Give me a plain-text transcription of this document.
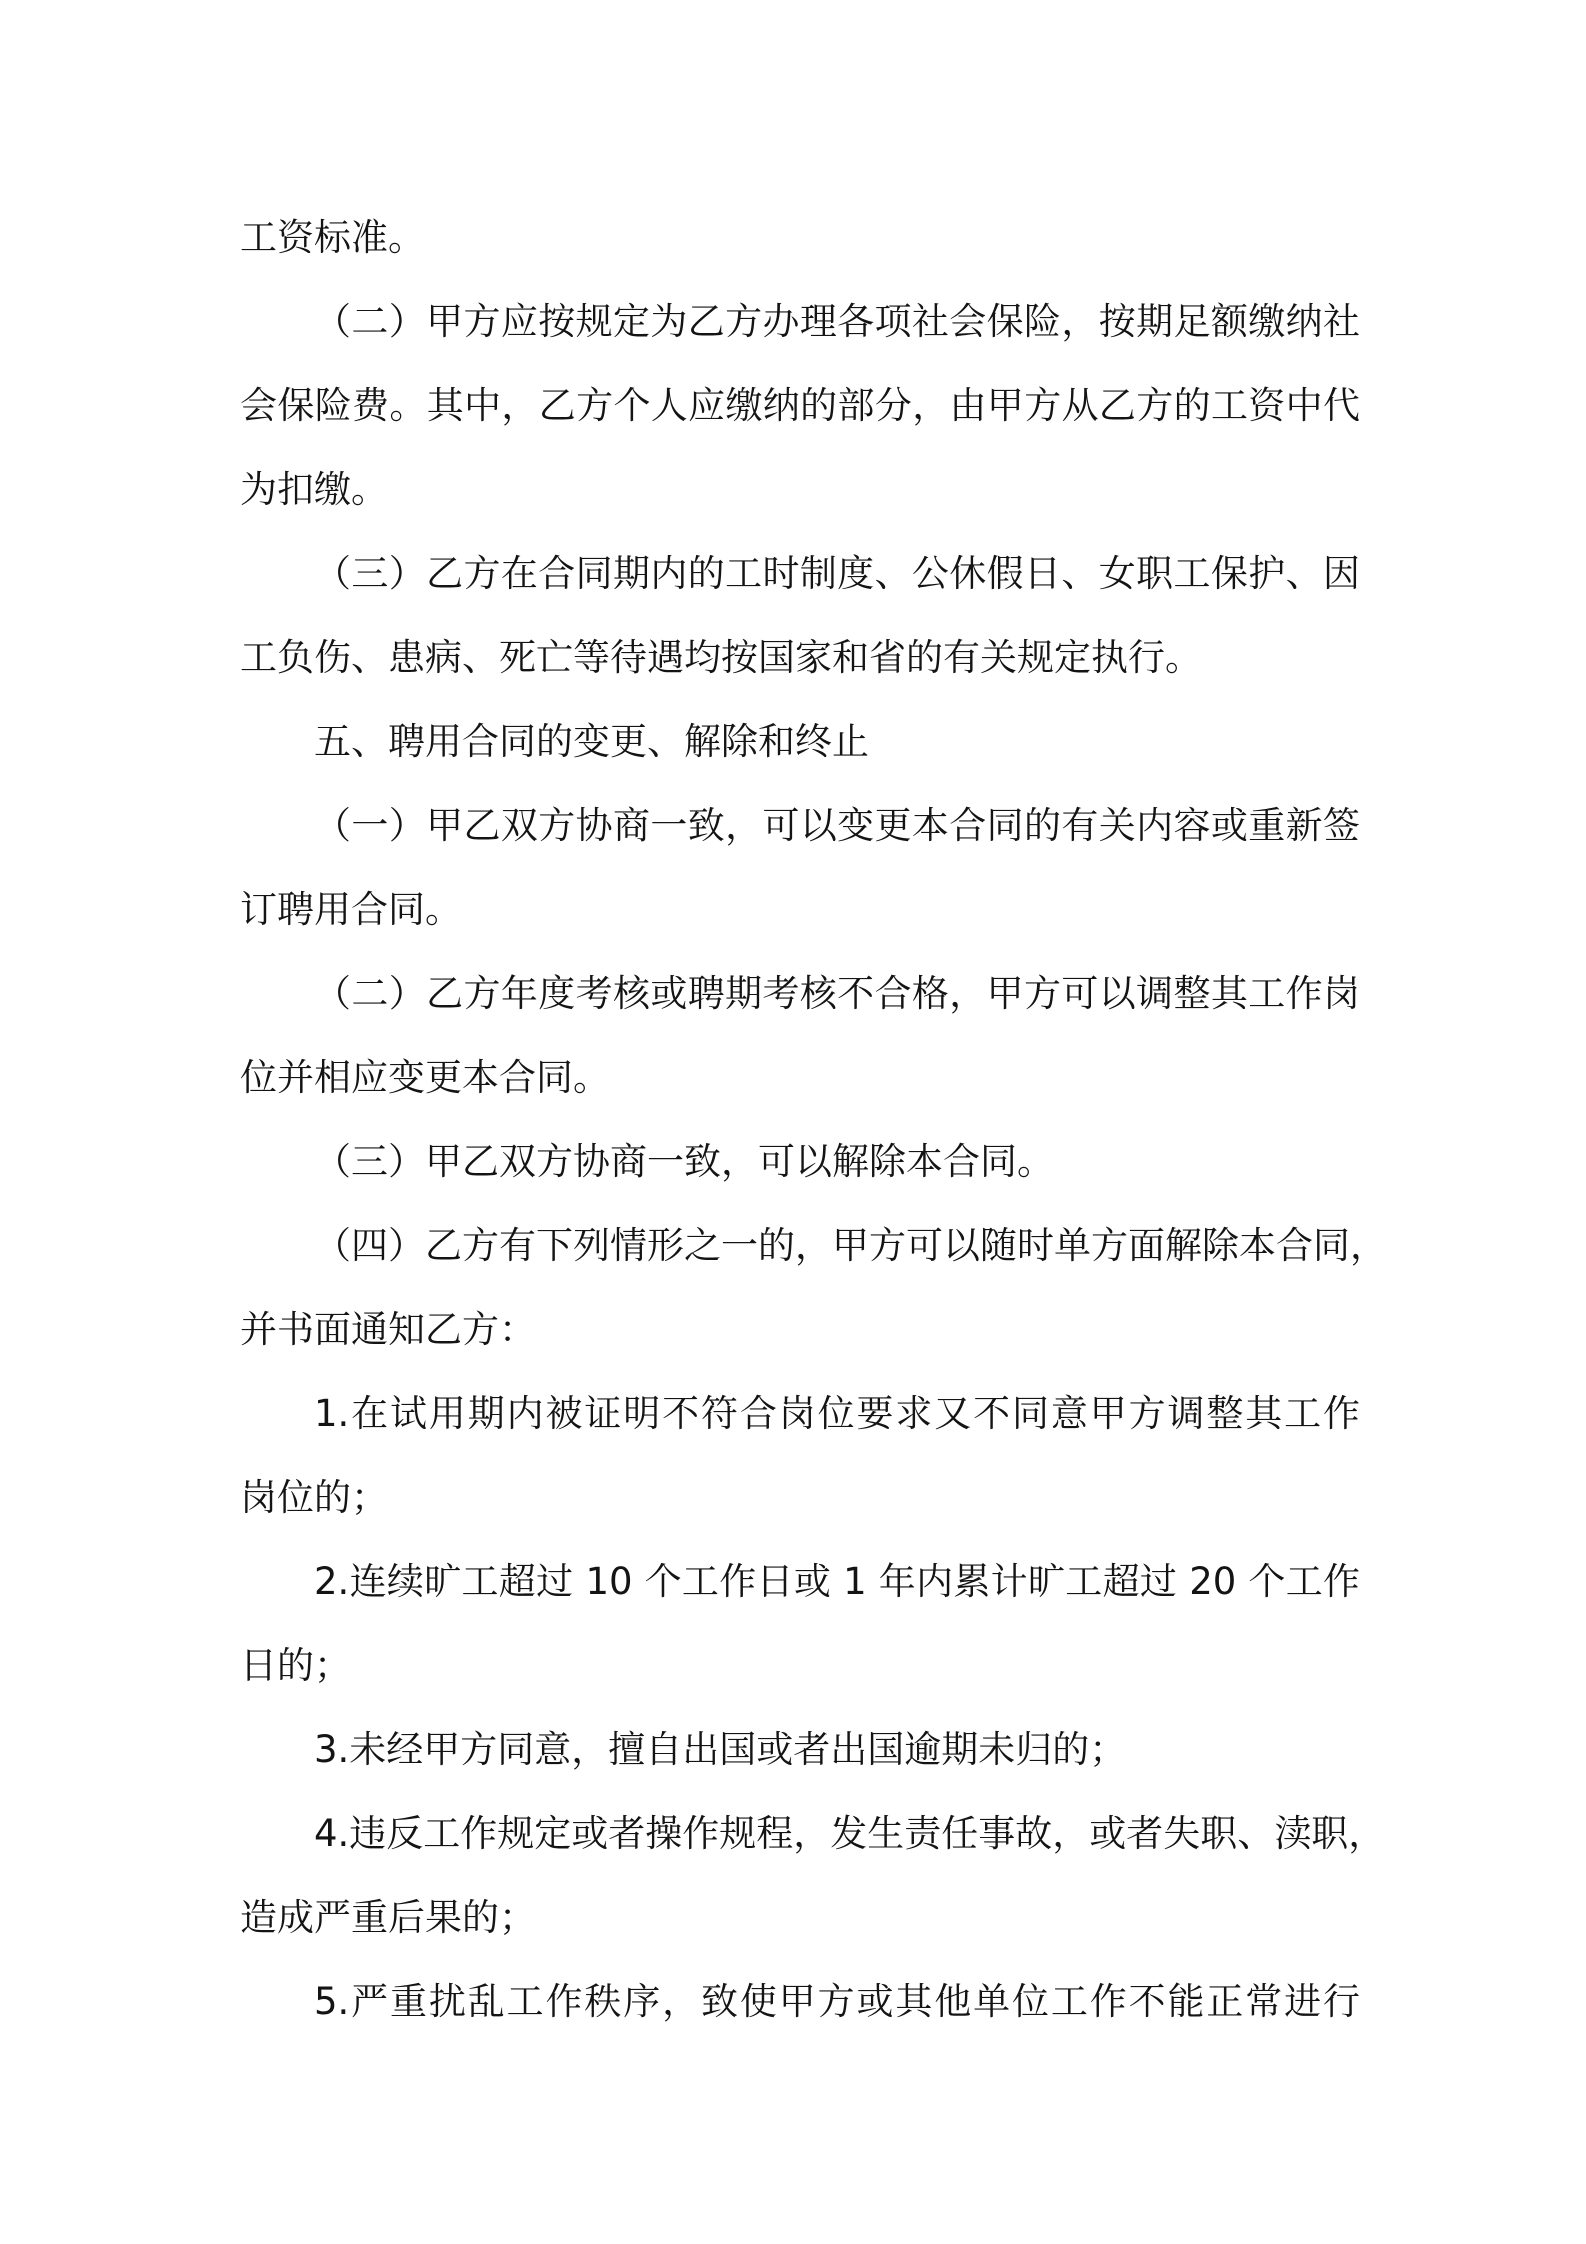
工资标准。
（二）甲方应按规定为乙方办理各项社会保险，按期足额缴纳社
会保险费。其中，乙方个人应缴纳的部分，由甲方从乙方的工资中代
为扣缴。
（三）乙方在合同期内的工时制度、公休假日、女职工保护、因
工负伤、患病、死亡等待遇均按国家和省的有关规定执行。
五、聘用合同的变更、解除和终止
（一）甲乙双方协商一致，可以变更本合同的有关内容或重新签
订聘用合同。
（二）乙方年度考核或聘期考核不合格，甲方可以调整其工作岗
位并相应变更本合同。
（三）甲乙双方协商一致，可以解除本合同。
（四）乙方有下列情形之一的，甲方可以随时单方面解除本合同，
并书面通知乙方：
1.在试用期内被证明不符合岗位要求又不同意甲方调整其工作
岗位的；
2.连续旷工超过 10 个工作日或 1 年内累计旷工超过 20 个工作
日的；
3.未经甲方同意，擅自出国或者出国逾期未归的；
4.违反工作规定或者操作规程，发生责任事故，或者失职、渎职，
造成严重后果的；
5.严重扰乱工作秩序，致使甲方或其他单位工作不能正常进行
